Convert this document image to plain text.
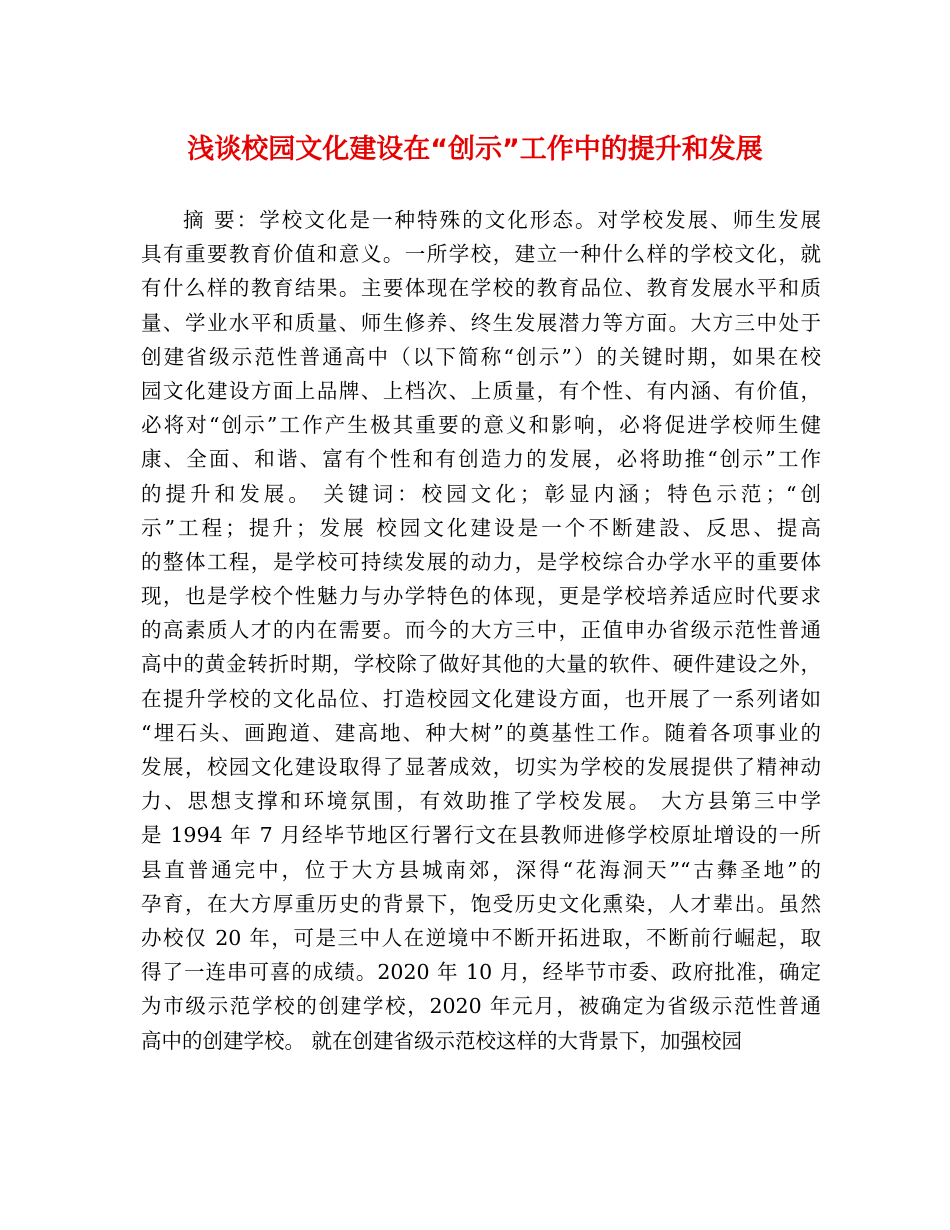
浅谈校园文化建设在“创示”工作中的提升和发展
摘 要：学校文化是一种特殊的文化形态。对学校发展、师生发展
具有重要教育价值和意义。一所学校，建立一种什么样的学校文化，就
有什么样的教育结果。主要体现在学校的教育品位、教育发展水平和质
量、学业水平和质量、师生修养、终生发展潜力等方面。大方三中处于
创建省级示范性普通高中（以下简称“创示”）的关键时期，如果在校
园文化建设方面上品牌、上档次、上质量，有个性、有内涵、有价值，
必将对“创示”工作产生极其重要的意义和影响，必将促进学校师生健
康、全面、和谐、富有个性和有创造力的发展，必将助推“创示”工作
的提升和发展。 关键词：校园文化；彰显内涵；特色示范；“创
示”工程；提升；发展 校园文化建设是一个不断建設、反思、提高
的整体工程，是学校可持续发展的动力，是学校综合办学水平的重要体
现，也是学校个性魅力与办学特色的体现，更是学校培养适应时代要求
的高素质人才的内在需要。而今的大方三中，正值申办省级示范性普通
高中的黄金转折时期，学校除了做好其他的大量的软件、硬件建设之外，
在提升学校的文化品位、打造校园文化建设方面，也开展了一系列诸如
“埋石头、画跑道、建高地、种大树”的奠基性工作。随着各项事业的
发展，校园文化建设取得了显著成效，切实为学校的发展提供了精神动
力、思想支撑和环境氛围，有效助推了学校发展。 大方县第三中学
是 1994 年 7 月经毕节地区行署行文在县教师进修学校原址增设的一所
县直普通完中，位于大方县城南郊，深得“花海洞天”“古彝圣地”的
孕育，在大方厚重历史的背景下，饱受历史文化熏染，人才辈出。虽然
办校仅 20 年，可是三中人在逆境中不断开拓进取，不断前行崛起，取
得了一连串可喜的成绩。2020 年 10 月，经毕节市委、政府批准，确定
为市级示范学校的创建学校，2020 年元月，被确定为省级示范性普通
高中的创建学校。 就在创建省级示范校这样的大背景下，加强校园
